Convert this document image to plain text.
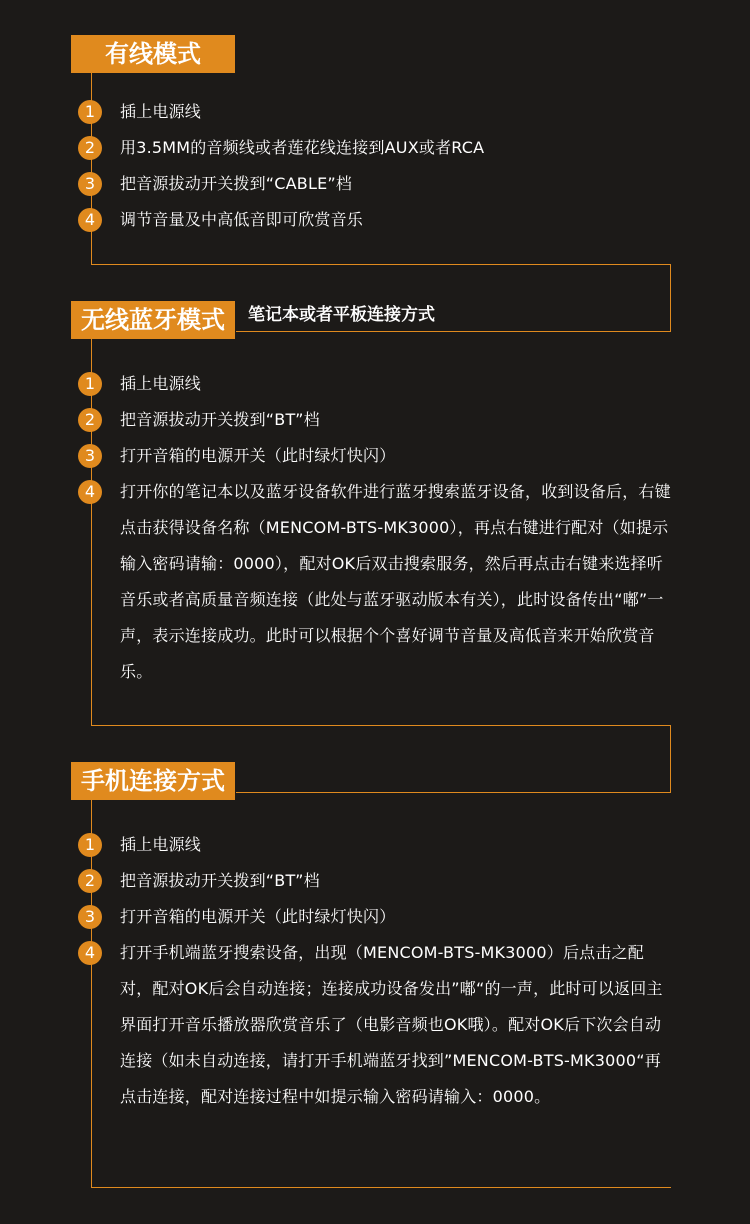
有线模式
1	插上电源线
2	用3.5MM的音频线或者莲花线连接到AUX或者RCA
3	把音源拔动开关拨到“CABLE”档
4	调节音量及中高低音即可欣赏音乐
无线蓝牙模式	笔记本或者平板连接方式
1	插上电源线
2	把音源拔动开关拨到“BT”档
3	打开音箱的电源开关（此时绿灯快闪）
4	打开你的笔记本以及蓝牙设备软件进行蓝牙搜索蓝牙设备，收到设备后，右键点击获得设备名称（MENCOM-BTS-MK3000），再点右键进行配对（如提示输入密码请输：0000），配对OK后双击搜索服务，然后再点击右键来选择听音乐或者高质量音频连接（此处与蓝牙驱动版本有关），此时设备传出“嘟”一声，表示连接成功。此时可以根据个个喜好调节音量及高低音来开始欣赏音乐。
手机连接方式
1	插上电源线
2	把音源拔动开关拨到“BT”档
3	打开音箱的电源开关（此时绿灯快闪）
4	打开手机端蓝牙搜索设备，出现（MENCOM-BTS-MK3000）后点击之配对，配对OK后会自动连接；连接成功设备发出”嘟“的一声，此时可以返回主界面打开音乐播放器欣赏音乐了（电影音频也OK哦）。配对OK后下次会自动连接（如未自动连接，请打开手机端蓝牙找到”MENCOM-BTS-MK3000“再点击连接，配对连接过程中如提示输入密码请输入：0000。
